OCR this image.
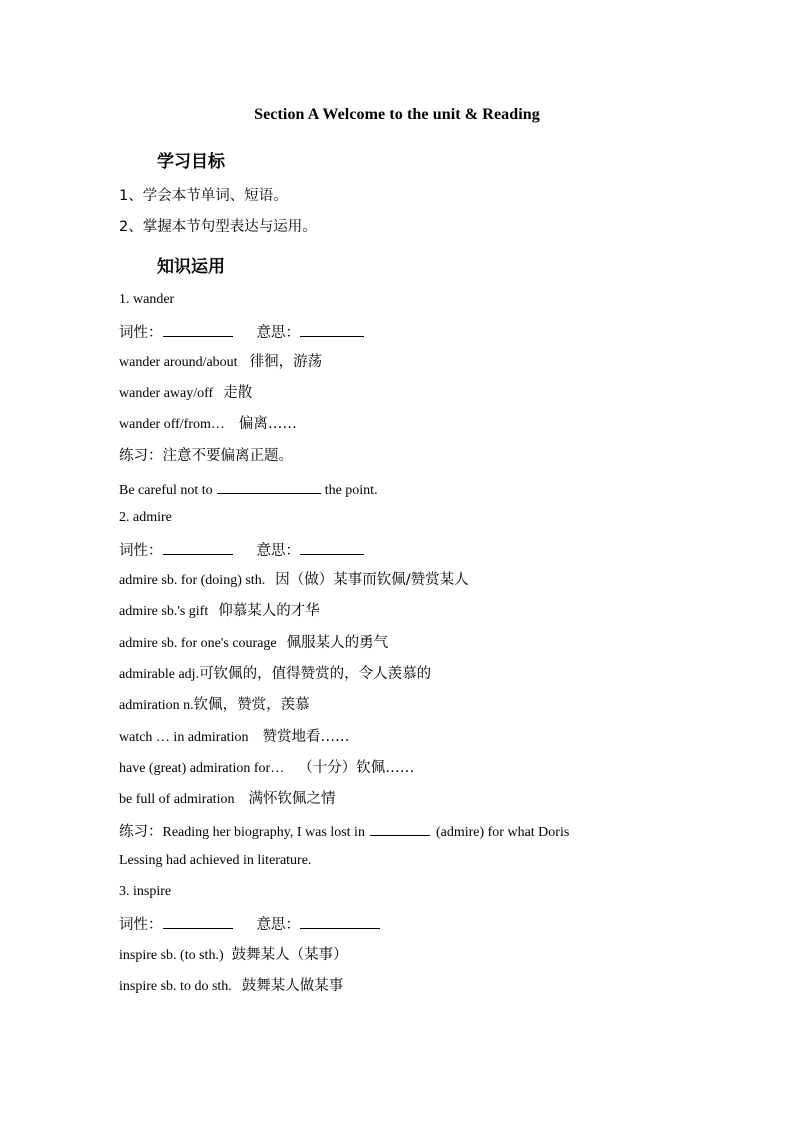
Section A Welcome to the unit & Reading
学习目标
1、学会本节单词、短语。
2、掌握本节句型表达与运用。
知识运用
1. wander
词性：	意思：
wander around/about 徘徊，游荡
wander away/off 走散
wander off/from… 偏离……
练习：注意不要偏离正题。
Be careful not to	the point.
2. admire
词性：	意思：
admire sb. for (doing) sth. 因（做）某事而钦佩/赞赏某人
admire sb.'s gift 仰慕某人的才华
admire sb. for one's courage 佩服某人的勇气
admirable adj.可钦佩的，值得赞赏的，令人羡慕的
admiration n.钦佩，赞赏，羡慕
watch … in admiration 赞赏地看……
have (great) admiration for… （十分）钦佩……
be full of admiration 满怀钦佩之情
练习：Reading her biography, I was lost in	(admire) for what Doris
Lessing had achieved in literature.
3. inspire
词性：	意思：
inspire sb. (to sth.) 鼓舞某人（某事）
inspire sb. to do sth. 鼓舞某人做某事
